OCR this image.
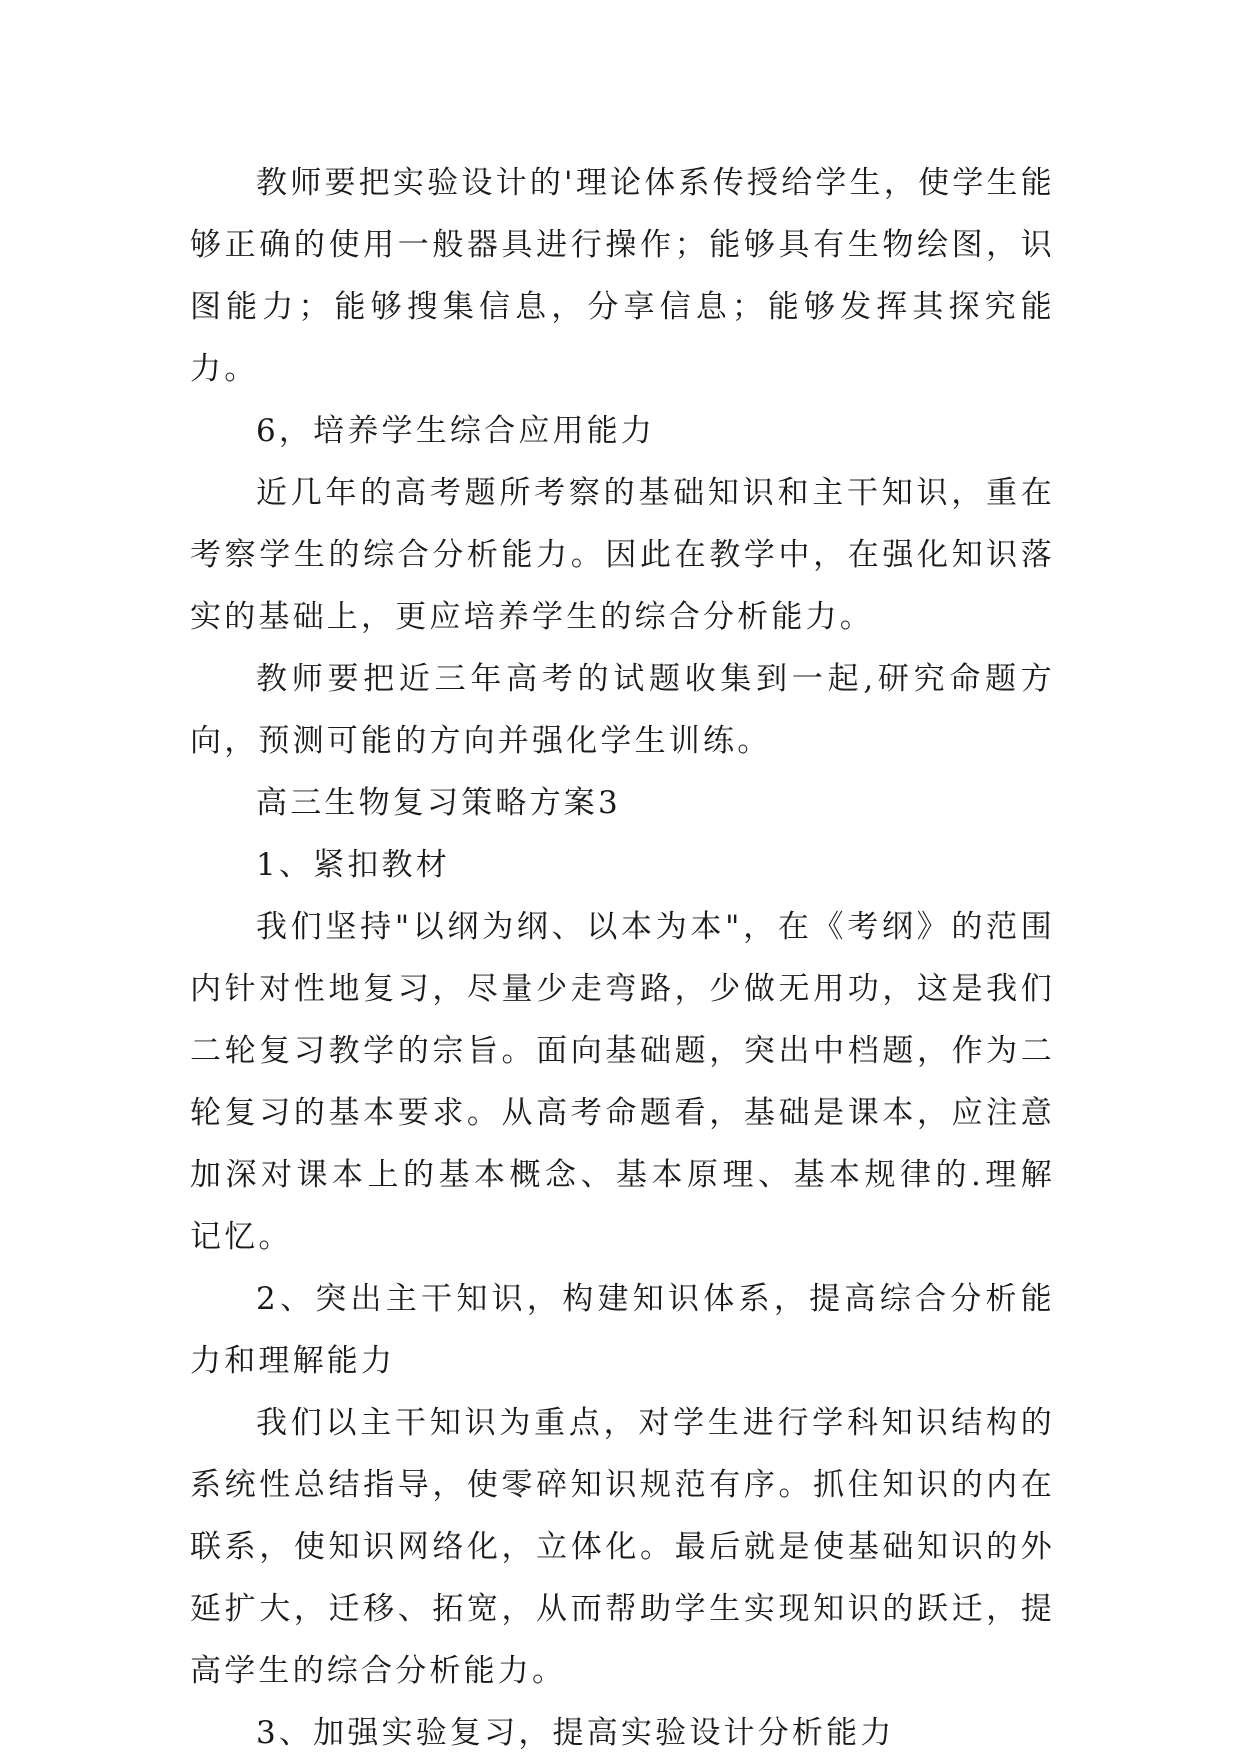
教师要把实验设计的'理论体系传授给学生，使学生能够正确的使用一般器具进行操作；能够具有生物绘图，识图能力；能够搜集信息，分享信息；能够发挥其探究能力。

6，培养学生综合应用能力

近几年的高考题所考察的基础知识和主干知识，重在考察学生的综合分析能力。因此在教学中，在强化知识落实的基础上，更应培养学生的综合分析能力。

教师要把近三年高考的试题收集到一起,研究命题方向，预测可能的方向并强化学生训练。

高三生物复习策略方案3

1、紧扣教材

我们坚持"以纲为纲、以本为本"，在《考纲》的范围内针对性地复习，尽量少走弯路，少做无用功，这是我们二轮复习教学的宗旨。面向基础题，突出中档题，作为二轮复习的基本要求。从高考命题看，基础是课本，应注意加深对课本上的基本概念、基本原理、基本规律的.理解记忆。

2、突出主干知识，构建知识体系，提高综合分析能力和理解能力

我们以主干知识为重点，对学生进行学科知识结构的系统性总结指导，使零碎知识规范有序。抓住知识的内在联系，使知识网络化，立体化。最后就是使基础知识的外延扩大，迁移、拓宽，从而帮助学生实现知识的跃迁，提高学生的综合分析能力。

3、加强实验复习，提高实验设计分析能力
